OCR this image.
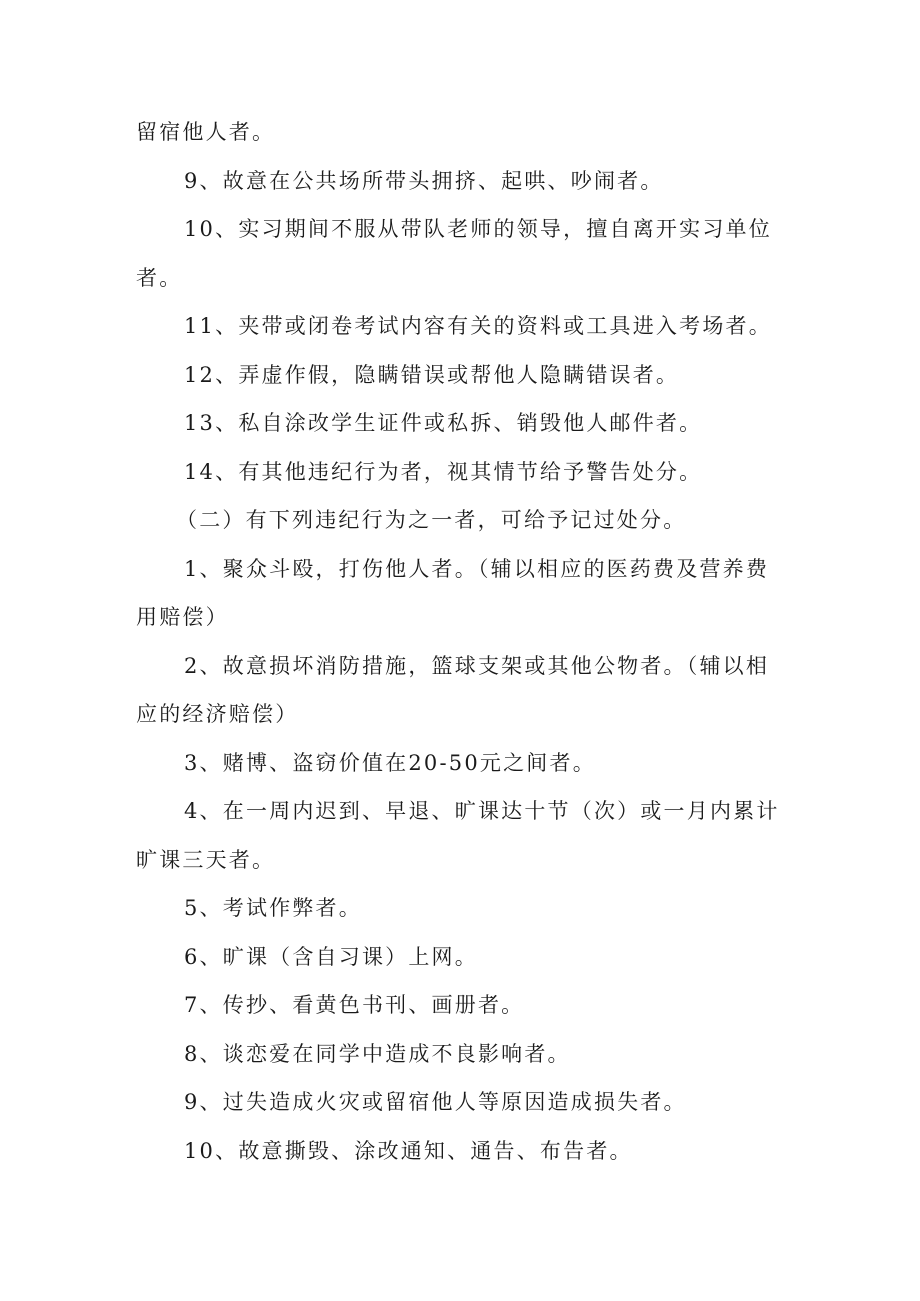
留宿他人者。

9、故意在公共场所带头拥挤、起哄、吵闹者。

10、实习期间不服从带队老师的领导，擅自离开实习单位者。

11、夹带或闭卷考试内容有关的资料或工具进入考场者。

12、弄虚作假，隐瞒错误或帮他人隐瞒错误者。

13、私自涂改学生证件或私拆、销毁他人邮件者。

14、有其他违纪行为者，视其情节给予警告处分。

（二）有下列违纪行为之一者，可给予记过处分。

1、聚众斗殴，打伤他人者。（辅以相应的医药费及营养费用赔偿）

2、故意损坏消防措施，篮球支架或其他公物者。（辅以相应的经济赔偿）

3、赌博、盗窃价值在20-50元之间者。

4、在一周内迟到、早退、旷课达十节（次）或一月内累计旷课三天者。

5、考试作弊者。

6、旷课（含自习课）上网。

7、传抄、看黄色书刊、画册者。

8、谈恋爱在同学中造成不良影响者。

9、过失造成火灾或留宿他人等原因造成损失者。

10、故意撕毁、涂改通知、通告、布告者。
